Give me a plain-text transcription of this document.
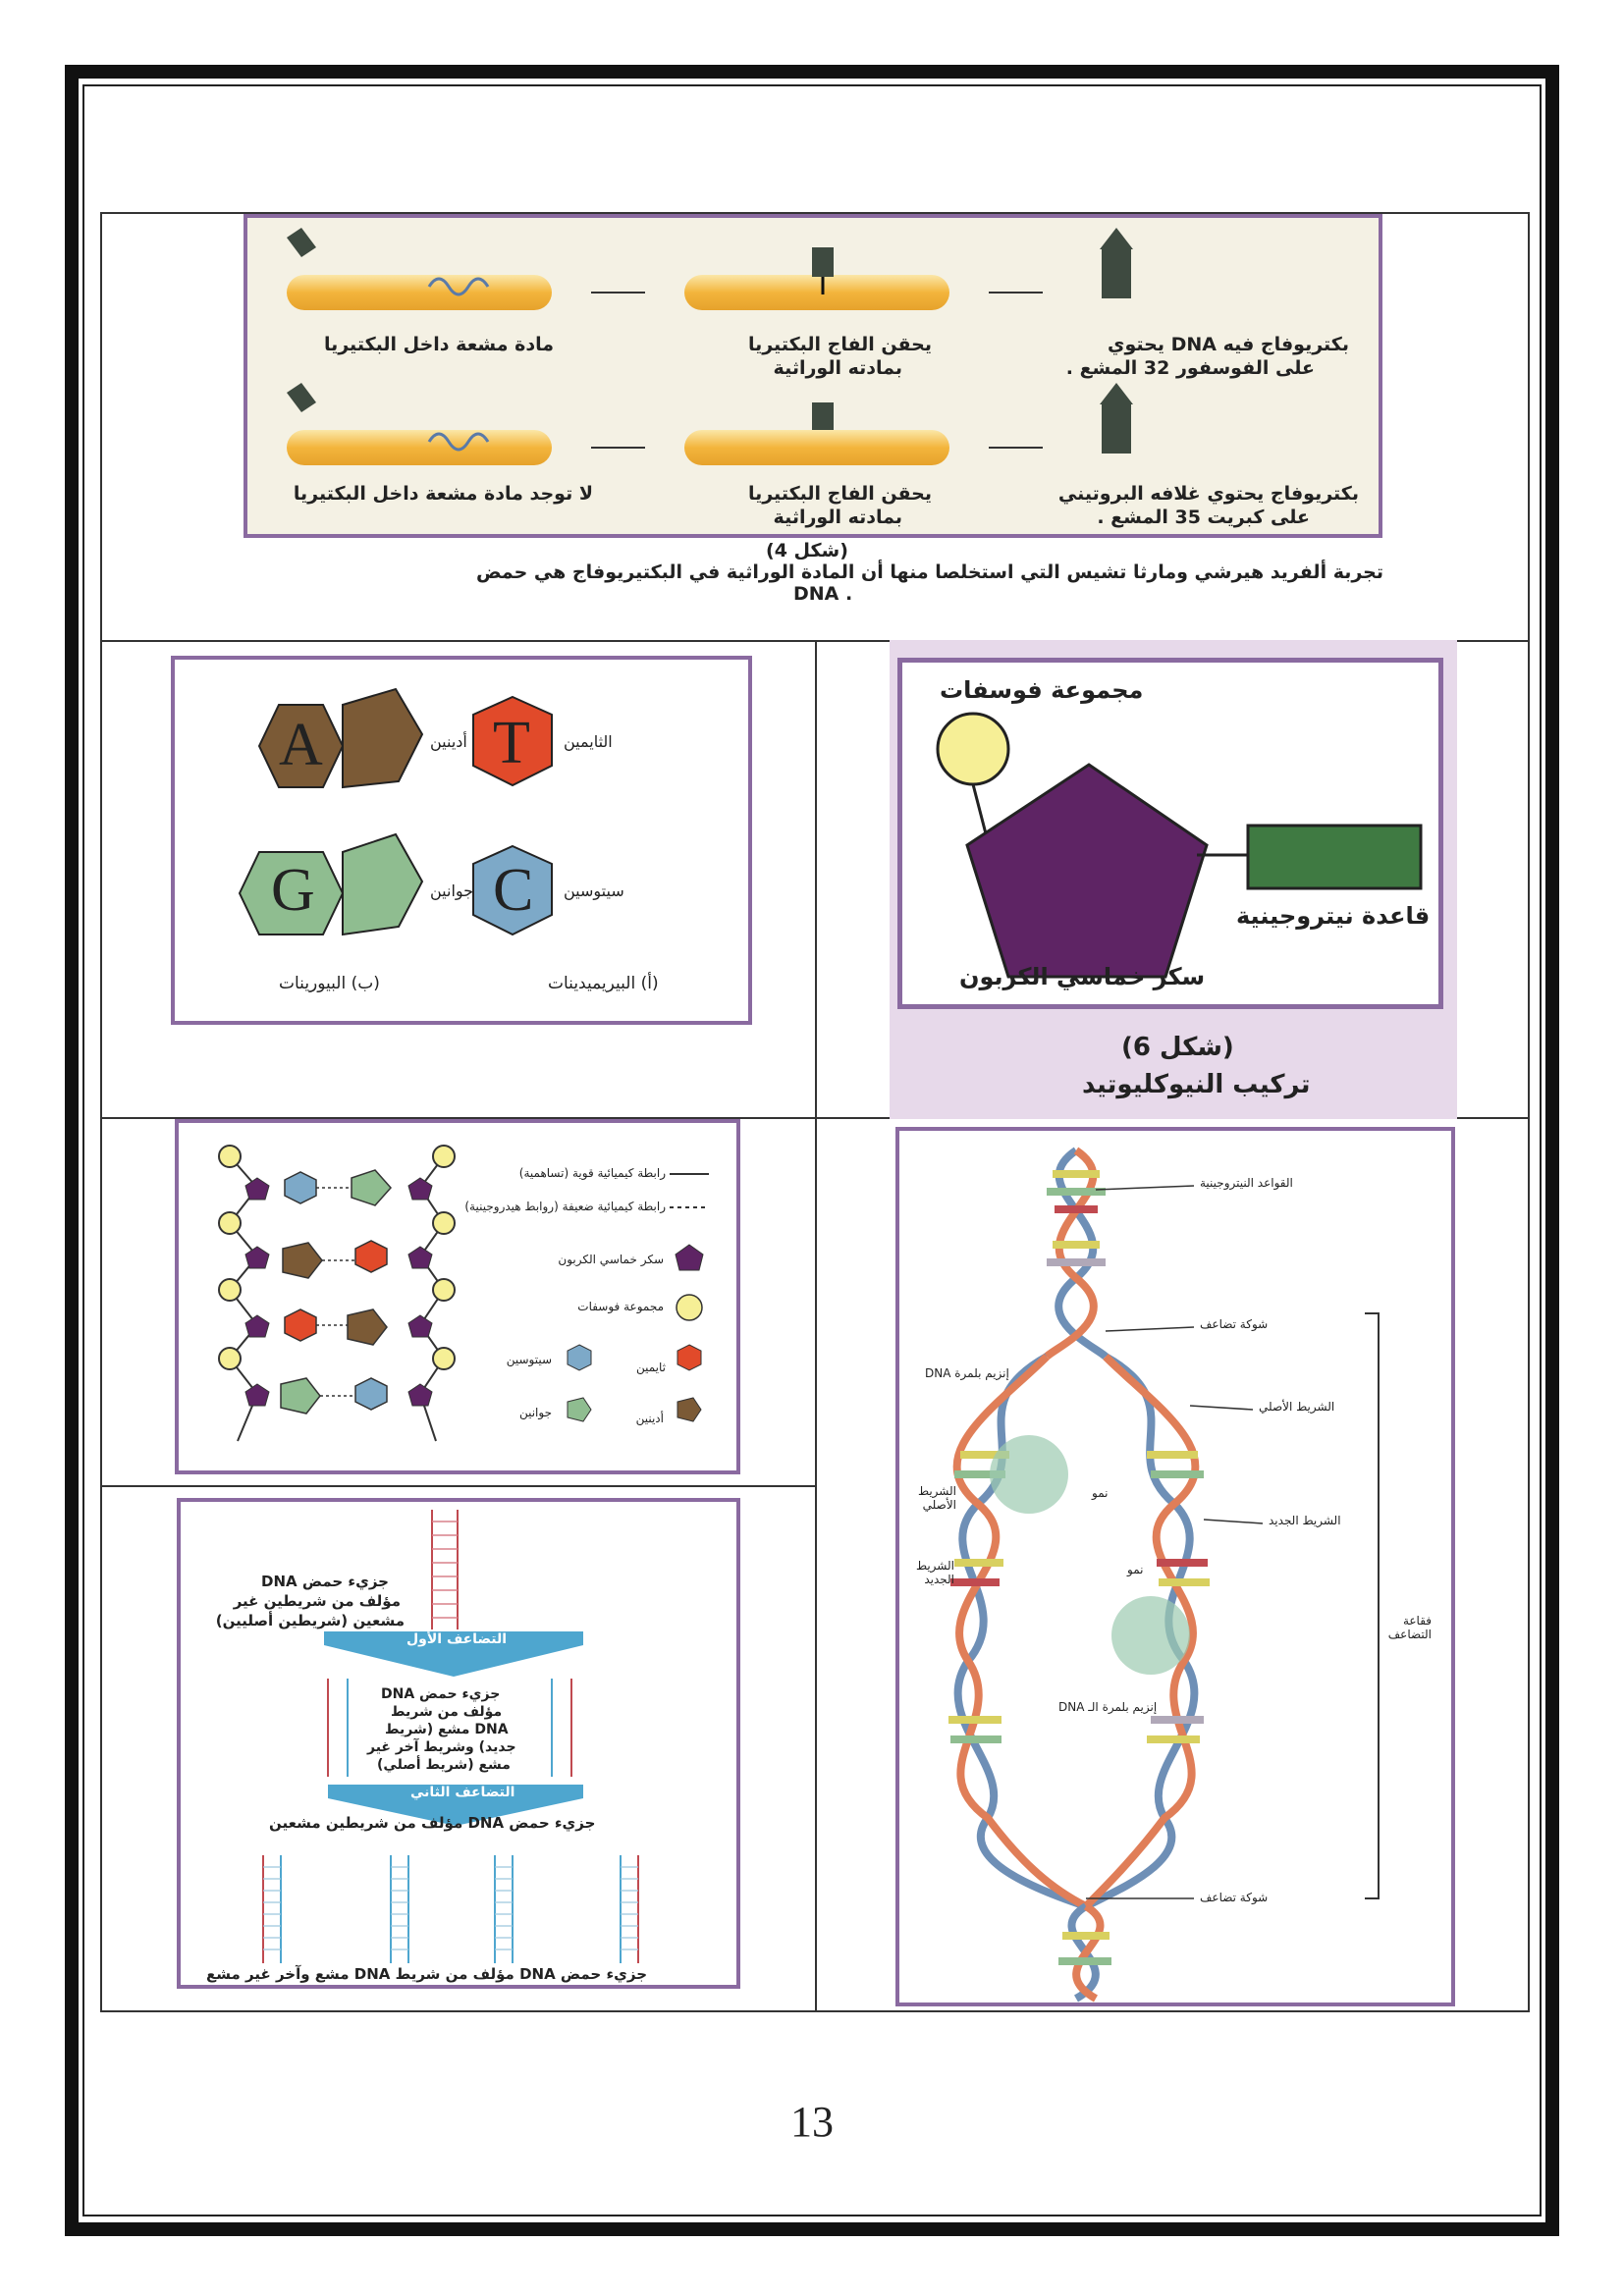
بكتريوفاج فيه DNA يحتوي
على الفوسفور 32 المشع .
يحقن الفاج البكتيريا
بمادته الوراثية
مادة مشعة داخل البكتيريا
بكتريوفاج يحتوي غلافه البروتيني
على كبريت 35 المشع .
يحقن الفاج البكتيريا
بمادته الوراثية
لا توجد مادة مشعة داخل البكتيريا
(شكل 4)
تجربة ألفريد هيرشي ومارثا تشيس التي استخلصا منها أن المادة الوراثية في البكتيريوفاج هي حمض
DNA .
A
G
T
C
أدينين
جوانين
الثايمين
سيتوسين
(ب) البيورينات	(أ) البيريميدينات
مجموعة فوسفات
قاعدة نيتروجينية
سكر خماسي الكربون
(شكل 6)
تركيب النيوكليوتيد
رابطة كيميائية قوية (تساهمية)
رابطة كيميائية ضعيفة (روابط هيدروجينية)
سكر خماسي الكربون
مجموعة فوسفات
سيتوسين
ثايمين
جوانين	أدينين
جزيء حمض DNA
مؤلف من شريطين غير
مشعين (شريطين أصليين)
التضاعف الأول
جزيء حمض DNA
مؤلف من شريط
DNA مشع (شريط
جديد) وشريط آخر غير
مشع (شريط أصلي)
التضاعف الثاني
جزيء حمض DNA مؤلف من شريطين مشعين
جزيء حمض DNA مؤلف من شريط DNA مشع وآخر غير مشع
القواعد النيتروجينية
شوكة تضاعف
إنزيم بلمرة DNA
الشريط الأصلي
نمو
الشريط الأصلي
الشريط الجديد
الشريط الجديد
فقاعة التضاعف
نمو
إنزيم بلمرة الـ DNA
شوكة تضاعف
13
